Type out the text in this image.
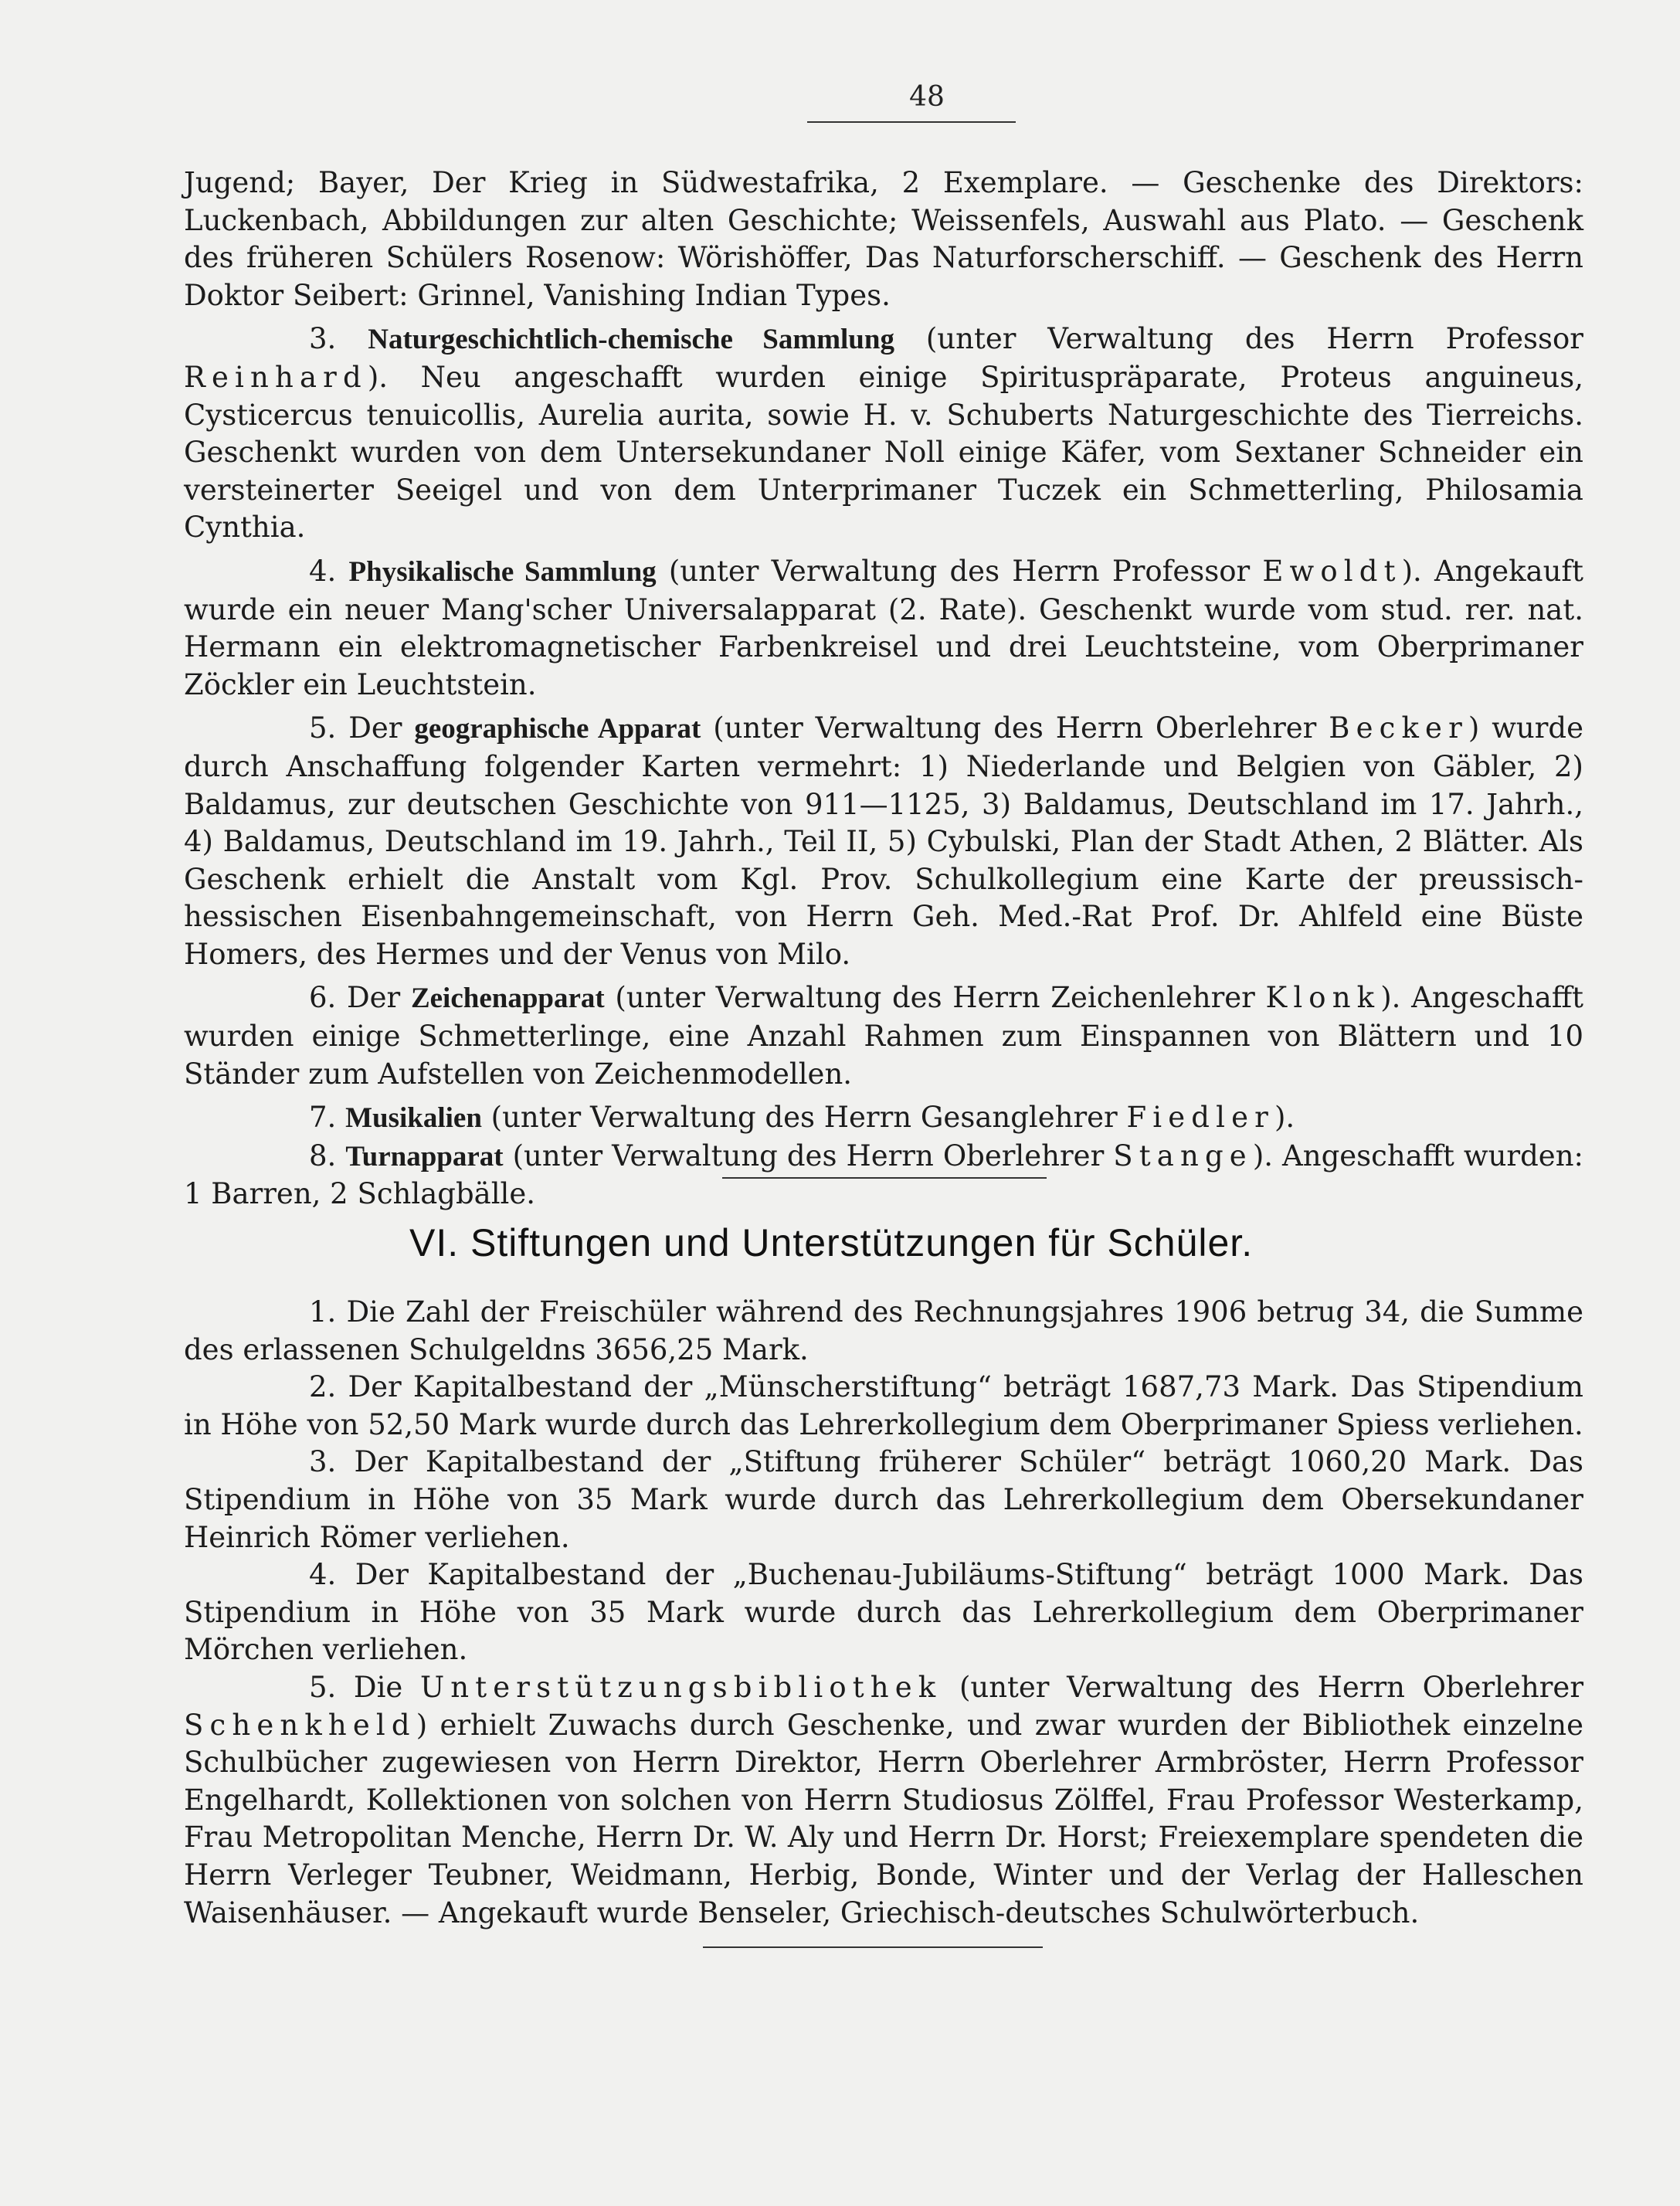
48

Jugend; Bayer, Der Krieg in Südwestafrika, 2 Exemplare. — Geschenke des Direktors: Luckenbach, Abbildungen zur alten Geschichte; Weissenfels, Auswahl aus Plato. — Geschenk des früheren Schülers Rosenow: Wörishöffer, Das Naturforscherschiff. — Geschenk des Herrn Doktor Seibert: Grinnel, Vanishing Indian Types.

3. Naturgeschichtlich-chemische Sammlung (unter Verwaltung des Herrn Professor Reinhard). Neu angeschafft wurden einige Spirituspräparate, Proteus anguineus, Cysticercus tenuicollis, Aurelia aurita, sowie H. v. Schuberts Naturgeschichte des Tierreichs. Geschenkt wurden von dem Untersekundaner Noll einige Käfer, vom Sextaner Schneider ein versteinerter Seeigel und von dem Unterprimaner Tuczek ein Schmetterling, Philosamia Cynthia.

4. Physikalische Sammlung (unter Verwaltung des Herrn Professor Ewoldt). Angekauft wurde ein neuer Mang'scher Universalapparat (2. Rate). Geschenkt wurde vom stud. rer. nat. Hermann ein elektromagnetischer Farbenkreisel und drei Leuchtsteine, vom Oberprimaner Zöckler ein Leuchtstein.

5. Der geographische Apparat (unter Verwaltung des Herrn Oberlehrer Becker) wurde durch Anschaffung folgender Karten vermehrt: 1) Niederlande und Belgien von Gäbler, 2) Baldamus, zur deutschen Geschichte von 911—1125, 3) Baldamus, Deutschland im 17. Jahrh., 4) Baldamus, Deutschland im 19. Jahrh., Teil II, 5) Cybulski, Plan der Stadt Athen, 2 Blätter. Als Geschenk erhielt die Anstalt vom Kgl. Prov. Schulkollegium eine Karte der preussisch-hessischen Eisenbahngemeinschaft, von Herrn Geh. Med.-Rat Prof. Dr. Ahlfeld eine Büste Homers, des Hermes und der Venus von Milo.

6. Der Zeichenapparat (unter Verwaltung des Herrn Zeichenlehrer Klonk). Angeschafft wurden einige Schmetterlinge, eine Anzahl Rahmen zum Einspannen von Blättern und 10 Ständer zum Aufstellen von Zeichenmodellen.

7. Musikalien (unter Verwaltung des Herrn Gesanglehrer Fiedler).

8. Turnapparat (unter Verwaltung des Herrn Oberlehrer Stange). Angeschafft wurden: 1 Barren, 2 Schlagbälle.

VI. Stiftungen und Unterstützungen für Schüler.

1. Die Zahl der Freischüler während des Rechnungsjahres 1906 betrug 34, die Summe des erlassenen Schulgeldns 3656,25 Mark.

2. Der Kapitalbestand der „Münscherstiftung“ beträgt 1687,73 Mark. Das Stipendium in Höhe von 52,50 Mark wurde durch das Lehrerkollegium dem Oberprimaner Spiess verliehen.

3. Der Kapitalbestand der „Stiftung früherer Schüler“ beträgt 1060,20 Mark. Das Stipendium in Höhe von 35 Mark wurde durch das Lehrerkollegium dem Obersekundaner Heinrich Römer verliehen.

4. Der Kapitalbestand der „Buchenau-Jubiläums-Stiftung“ beträgt 1000 Mark. Das Stipendium in Höhe von 35 Mark wurde durch das Lehrerkollegium dem Oberprimaner Mörchen verliehen.

5. Die Unterstützungsbibliothek (unter Verwaltung des Herrn Oberlehrer Schenkheld) erhielt Zuwachs durch Geschenke, und zwar wurden der Bibliothek einzelne Schulbücher zugewiesen von Herrn Direktor, Herrn Oberlehrer Armbröster, Herrn Professor Engelhardt, Kollektionen von solchen von Herrn Studiosus Zölffel, Frau Professor Westerkamp, Frau Metropolitan Menche, Herrn Dr. W. Aly und Herrn Dr. Horst; Freiexemplare spendeten die Herrn Verleger Teubner, Weidmann, Herbig, Bonde, Winter und der Verlag der Halleschen Waisenhäuser. — Angekauft wurde Benseler, Griechisch-deutsches Schulwörterbuch.
